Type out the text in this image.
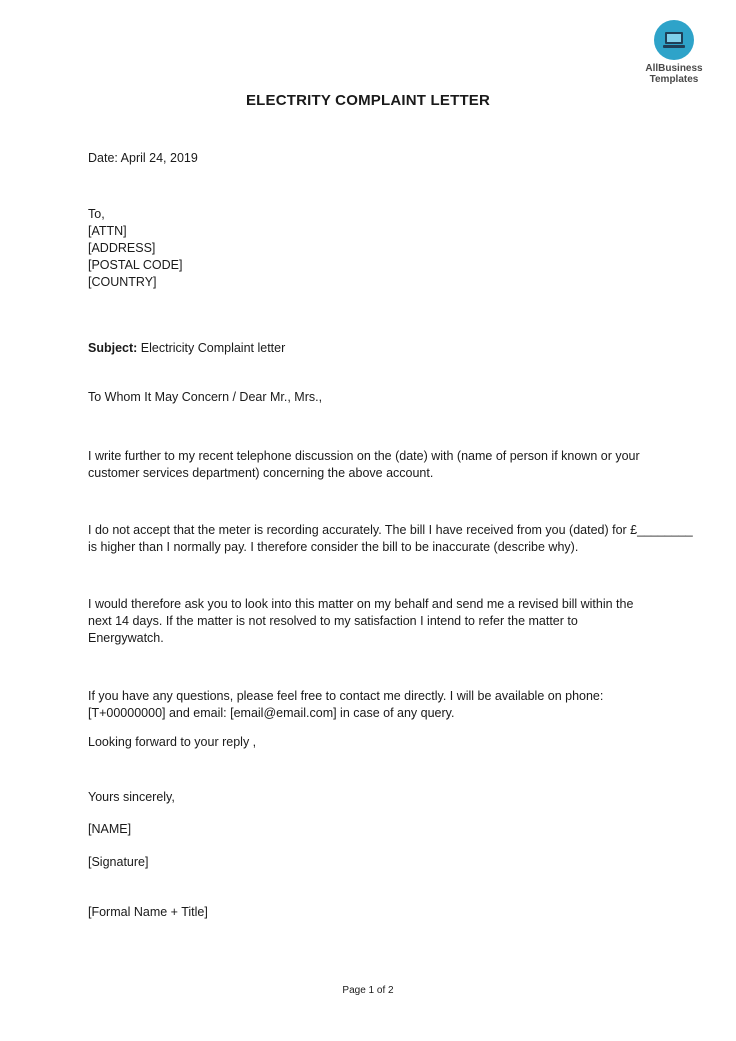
AllBusiness
Templates
ELECTRITY COMPLAINT LETTER
Date: April 24, 2019
To,
[ATTN]
[ADDRESS]
[POSTAL CODE]
[COUNTRY]
Subject: Electricity Complaint letter
To Whom It May Concern / Dear Mr., Mrs.,
I write further to my recent telephone discussion on the (date) with (name of person if known or your
customer services department) concerning the above account.
I do not accept that the meter is recording accurately. The bill I have received from you (dated) for £________
is higher than I normally pay. I therefore consider the bill to be inaccurate (describe why).
I would therefore ask you to look into this matter on my behalf and send me a revised bill within the
next 14 days. If the matter is not resolved to my satisfaction I intend to refer the matter to
Energywatch.
If you have any questions, please feel free to contact me directly. I will be available on phone:
[T+00000000] and email: [email@email.com] in case of any query.
Looking forward to your reply ,
Yours sincerely,
[NAME]
[Signature]
[Formal Name + Title]
Page 1 of 2
